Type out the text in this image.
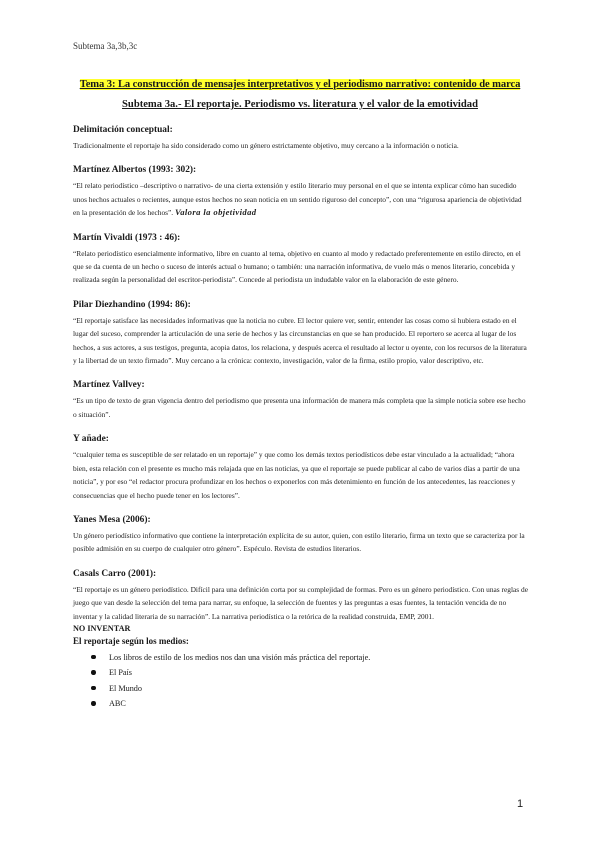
Subtema 3a,3b,3c
Tema 3: La construcción de mensajes interpretativos y el periodismo narrativo: contenido de marca
Subtema 3a.- El reportaje. Periodismo vs. literatura y el valor de la emotividad
Delimitación conceptual:

Tradicionalmente el reportaje ha sido considerado como un género estrictamente objetivo, muy cercano a la información o noticia.

Martínez Albertos (1993: 302):

“El relato periodístico –descriptivo o narrativo- de una cierta extensión y estilo literario muy personal en el que se intenta explicar cómo han sucedido unos hechos actuales o recientes, aunque estos hechos no sean noticia en un sentido riguroso del concepto”, con una “rigurosa apariencia de objetividad en la presentación de los hechos”. Valora la objetividad

Martín Vivaldi (1973 : 46):

“Relato periodístico esencialmente informativo, libre en cuanto al tema, objetivo en cuanto al modo y redactado preferentemente en estilo directo, en el que se da cuenta de un hecho o suceso de interés actual o humano; o también: una narración informativa, de vuelo más o menos literario, concebida y realizada según la personalidad del escritor-periodista”. Concede al periodista un indudable valor en la elaboración de este género.

Pilar Diezhandino (1994: 86):

“El reportaje satisface las necesidades informativas que la noticia no cubre. El lector quiere ver, sentir, entender las cosas como si hubiera estado en el lugar del suceso, comprender la articulación de una serie de hechos y las circunstancias en que se han producido. El reportero se acerca al lugar de los hechos, a sus actores, a sus testigos, pregunta, acopia datos, los relaciona, y después acerca el resultado al lector u oyente, con los recursos de la literatura y la libertad de un texto firmado”. Muy cercano a la crónica: contexto, investigación, valor de la firma, estilo propio, valor descriptivo, etc.

Martínez Vallvey:

“Es un tipo de texto de gran vigencia dentro del periodismo que presenta una información de manera más completa que la simple noticia sobre ese hecho o situación”.

Y añade:

“cualquier tema es susceptible de ser relatado en un reportaje” y que como los demás textos periodísticos debe estar vinculado a la actualidad; “ahora bien, esta relación con el presente es mucho más relajada que en las noticias, ya que el reportaje se puede publicar al cabo de varios días a partir de una noticia”, y por eso “el redactor procura profundizar en los hechos o exponerlos con más detenimiento en función de los antecedentes, las reacciones y consecuencias que el hecho puede tener en los lectores”.

Yanes Mesa (2006):

Un género periodístico informativo que contiene la interpretación explícita de su autor, quien, con estilo literario, firma un texto que se caracteriza por la posible admisión en su cuerpo de cualquier otro género”. Espéculo. Revista de estudios literarios.

Casals Carro (2001):

“El reportaje es un género periodístico. Difícil para una definición corta por su complejidad de formas. Pero es un género periodístico. Con unas reglas de juego que van desde la selección del tema para narrar, su enfoque, la selección de fuentes y las preguntas a esas fuentes, la tentación vencida de no inventar y la calidad literaria de su narración”. La narrativa periodística o la retórica de la realidad construida, EMP, 2001.

NO INVENTAR

El reportaje según los medios:

Los libros de estilo de los medios nos dan una visión más práctica del reportaje.
El País
El Mundo
ABC
1
